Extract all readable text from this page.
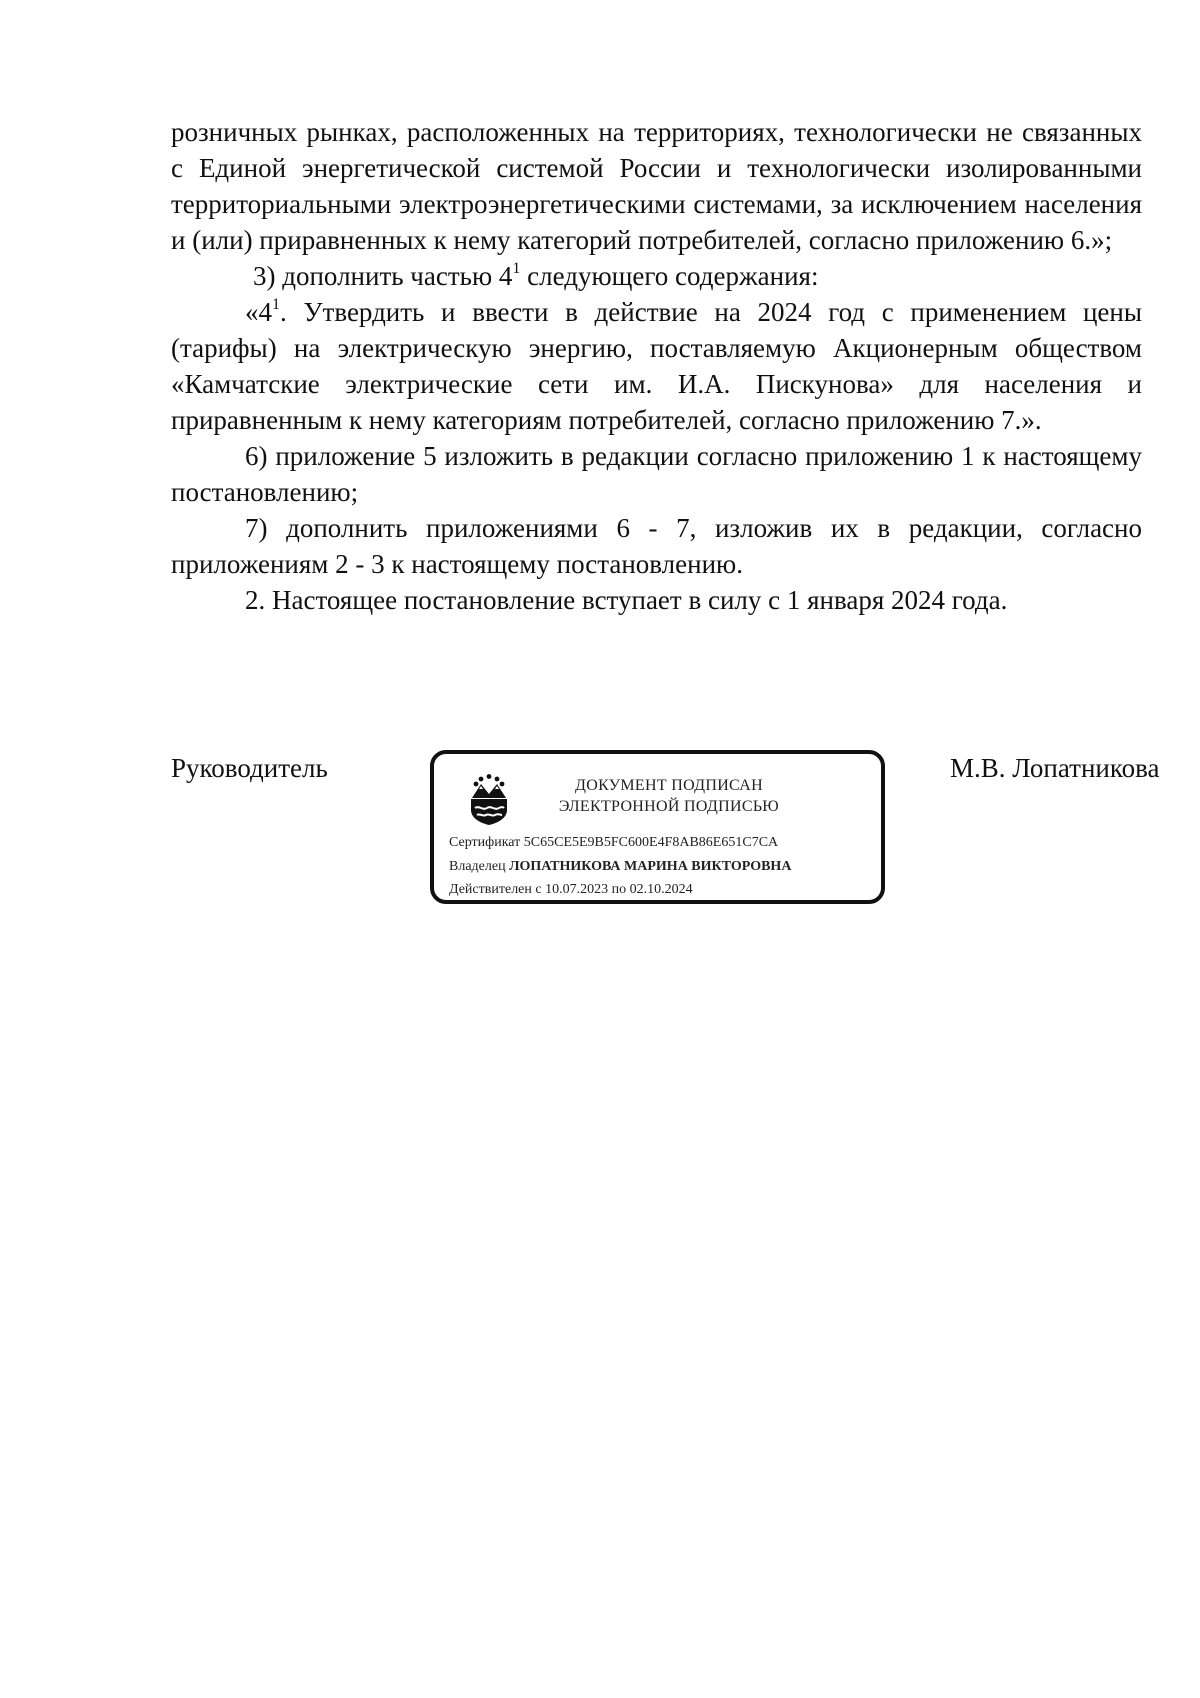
розничных рынках, расположенных на территориях, технологически не связанных с Единой энергетической системой России и технологически изолированными территориальными электроэнергетическими системами, за исключением населения и (или) приравненных к нему категорий потребителей, согласно приложению 6.»;

3) дополнить частью $4^1$ следующего содержания:

«$4^1$. Утвердить и ввести в действие на 2024 год с применением цены (тарифы) на электрическую энергию, поставляемую Акционерным обществом «Камчатские электрические сети им. И.А. Пискунова» для населения и приравненным к нему категориям потребителей, согласно приложению 7.».

6) приложение 5 изложить в редакции согласно приложению 1 к настоящему постановлению;

7) дополнить приложениями 6 - 7, изложив их в редакции, согласно приложениям 2 - 3 к настоящему постановлению.

2. Настоящее постановление вступает в силу с 1 января 2024 года.

Руководитель
ДОКУМЕНТ ПОДПИСАН
ЭЛЕКТРОННОЙ ПОДПИСЬЮ
Сертификат 5C65CE5E9B5FC600E4F8AB86E651C7CA
Владелец ЛОПАТНИКОВА МАРИНА ВИКТОРОВНА
Действителен с 10.07.2023 по 02.10.2024
М.В. Лопатникова
